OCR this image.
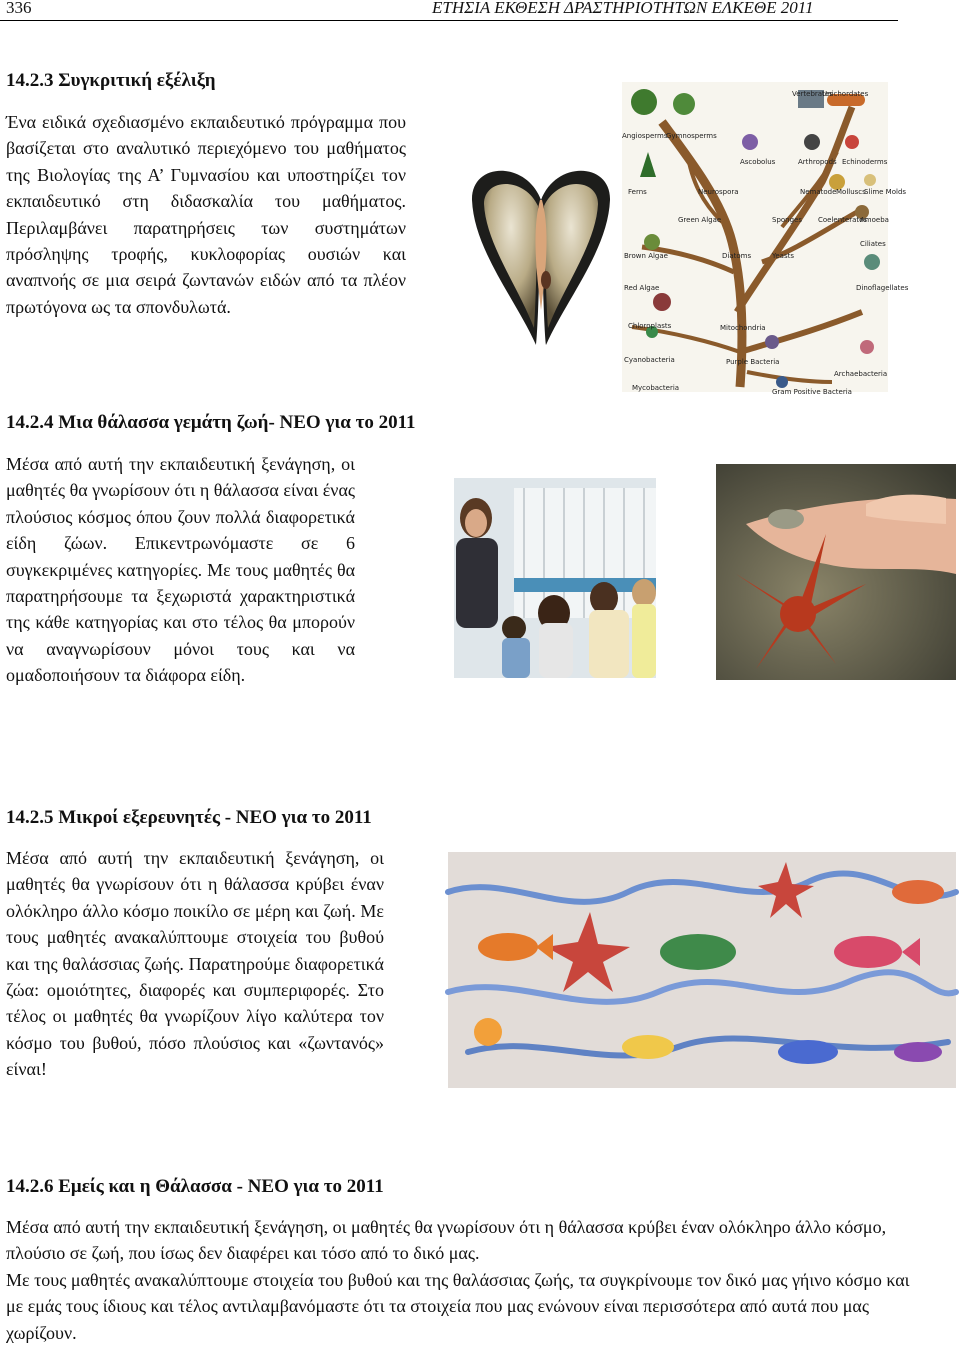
336	ΕΤΗΣΙΑ ΕΚΘΕΣΗ ΔΡΑΣΤΗΡΙΟΤΗΤΩΝ ΕΛΚΕΘΕ 2011
14.2.3 Συγκριτική εξέλιξη
Ένα ειδικά σχεδιασμένο εκπαιδευτικό πρόγραμμα που βασίζεται στο αναλυτικό περιεχόμενο του μαθήματος της Βιολογίας της Α’ Γυμνασίου και υποστηρίζει τον εκπαιδευτικό στη διδασκαλία του μαθήματος. Περιλαμβάνει παρατηρήσεις των συστημάτων πρόσληψης τροφής, κυκλοφορίας ουσιών και αναπνοής σε μια σειρά ζωντανών ειδών από τα πλέον πρωτόγονα ως τα σπονδυλωτά.
Vertebrates
Unichordates
Angiosperms
Gymnosperms
Ascobolus	Arthropods Echinoderms
Ferns	Neurospora	Nematode Molluscs
Slime Molds
Green Algae	Sponges Coelenterates
Amoeba
Brown Algae	Diatoms	Yeasts
Ciliates
Red Algae	Dinoflagellates
Chloroplasts	Mitochondria
Cyanobacteria	Purple Bacteria
Archaebacteria
Mycobacteria	Gram Positive Bacteria
14.2.4 Μια θάλασσα γεμάτη ζωή- ΝΕΟ για το 2011
Μέσα από αυτή την εκπαιδευτική ξενάγηση, οι μαθητές θα γνωρίσουν ότι η θάλασσα είναι ένας πλούσιος κόσμος όπου ζουν πολλά διαφορετικά είδη ζώων. Επικεντρωνόμαστε σε 6 συγκεκριμένες κατηγορίες. Με τους μαθητές θα παρατηρήσουμε τα ξεχωριστά χαρακτηριστικά της κάθε κατηγορίας και στο τέλος θα μπορούν να αναγνωρίσουν μόνοι τους και να ομαδοποιήσουν τα διάφορα είδη.
14.2.5 Μικροί εξερευνητές - ΝΕΟ για το 2011
Μέσα από αυτή την εκπαιδευτική ξενάγηση, οι μαθητές θα γνωρίσουν ότι η θάλασσα κρύβει έναν ολόκληρο άλλο κόσμο ποικίλο σε μέρη και ζωή. Με τους μαθητές ανακαλύπτουμε στοιχεία του βυθού και της θαλάσσιας ζωής. Παρατηρούμε διαφορετικά ζώα: ομοιότητες, διαφορές και συμπεριφορές. Στο τέλος οι μαθητές θα γνωρίζουν λίγο καλύτερα τον κόσμο του βυθού, πόσο πλούσιος και «ζωντανός» είναι!
14.2.6 Εμείς και η Θάλασσα - ΝΕΟ για το 2011
Μέσα από αυτή την εκπαιδευτική ξενάγηση, οι μαθητές θα γνωρίσουν ότι η θάλασσα κρύβει έναν ολόκληρο άλλο κόσμο, πλούσιο σε ζωή, που ίσως δεν διαφέρει και τόσο από το δικό μας.
Με τους μαθητές ανακαλύπτουμε στοιχεία του βυθού και της θαλάσσιας ζωής, τα συγκρίνουμε τον δικό μας γήινο κόσμο και με εμάς τους ίδιους και τέλος αντιλαμβανόμαστε ότι τα στοιχεία που μας ενώνουν είναι περισσότερα από αυτά που μας χωρίζουν.
